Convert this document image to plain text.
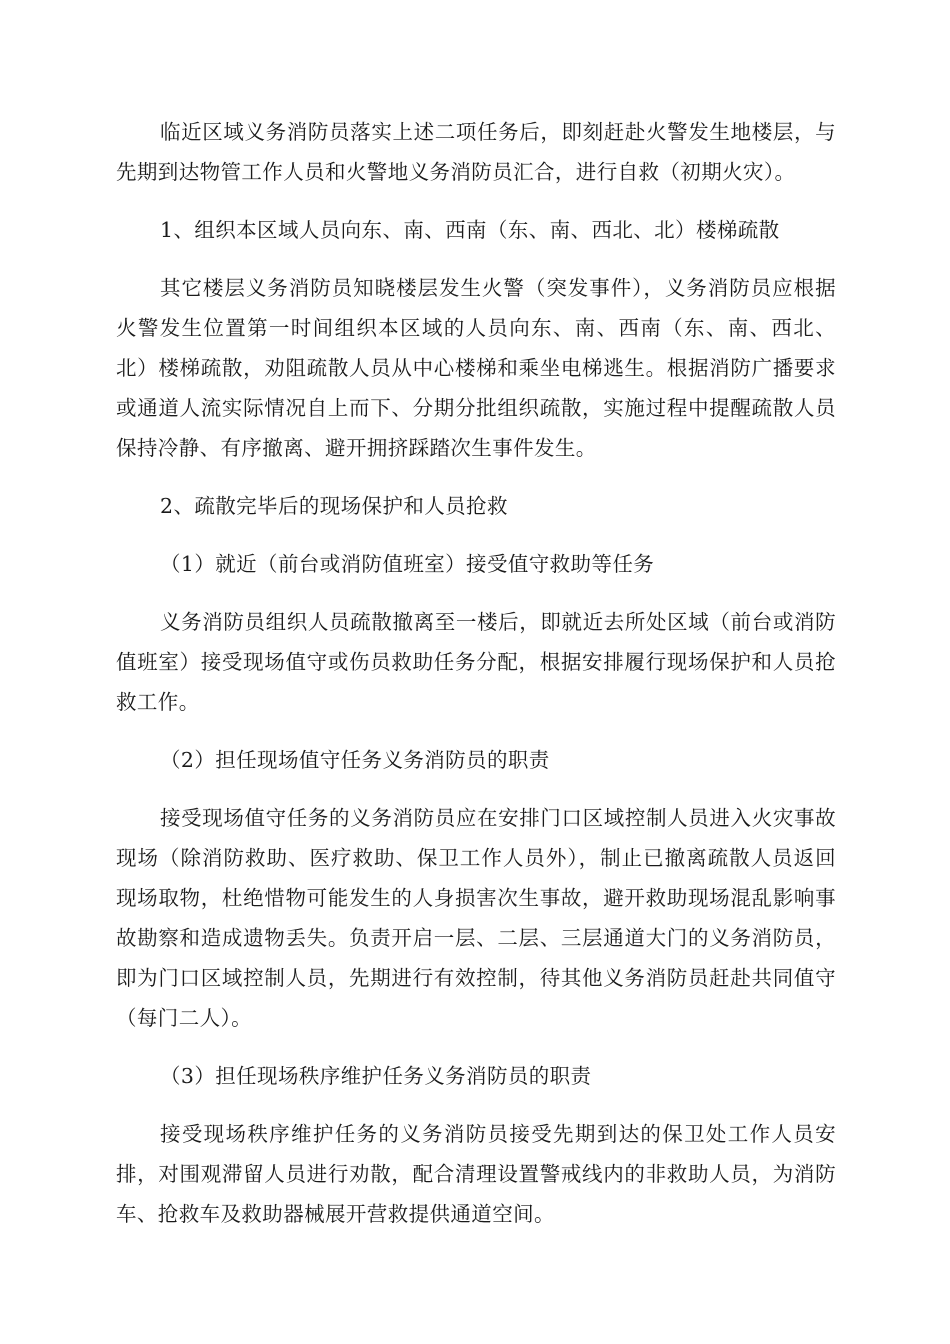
临近区域义务消防员落实上述二项任务后，即刻赶赴火警发生地楼层，与先期到达物管工作人员和火警地义务消防员汇合，进行自救（初期火灾）。

1、组织本区域人员向东、南、西南（东、南、西北、北）楼梯疏散

其它楼层义务消防员知晓楼层发生火警（突发事件），义务消防员应根据火警发生位置第一时间组织本区域的人员向东、南、西南（东、南、西北、北）楼梯疏散，劝阻疏散人员从中心楼梯和乘坐电梯逃生。根据消防广播要求或通道人流实际情况自上而下、分期分批组织疏散，实施过程中提醒疏散人员保持冷静、有序撤离、避开拥挤踩踏次生事件发生。

2、疏散完毕后的现场保护和人员抢救

（1）就近（前台或消防值班室）接受值守救助等任务

义务消防员组织人员疏散撤离至一楼后，即就近去所处区域（前台或消防值班室）接受现场值守或伤员救助任务分配，根据安排履行现场保护和人员抢救工作。

（2）担任现场值守任务义务消防员的职责

接受现场值守任务的义务消防员应在安排门口区域控制人员进入火灾事故现场（除消防救助、医疗救助、保卫工作人员外），制止已撤离疏散人员返回现场取物，杜绝惜物可能发生的人身损害次生事故，避开救助现场混乱影响事故勘察和造成遗物丢失。负责开启一层、二层、三层通道大门的义务消防员，即为门口区域控制人员，先期进行有效控制，待其他义务消防员赶赴共同值守（每门二人）。

（3）担任现场秩序维护任务义务消防员的职责

接受现场秩序维护任务的义务消防员接受先期到达的保卫处工作人员安排，对围观滞留人员进行劝散，配合清理设置警戒线内的非救助人员，为消防车、抢救车及救助器械展开营救提供通道空间。
